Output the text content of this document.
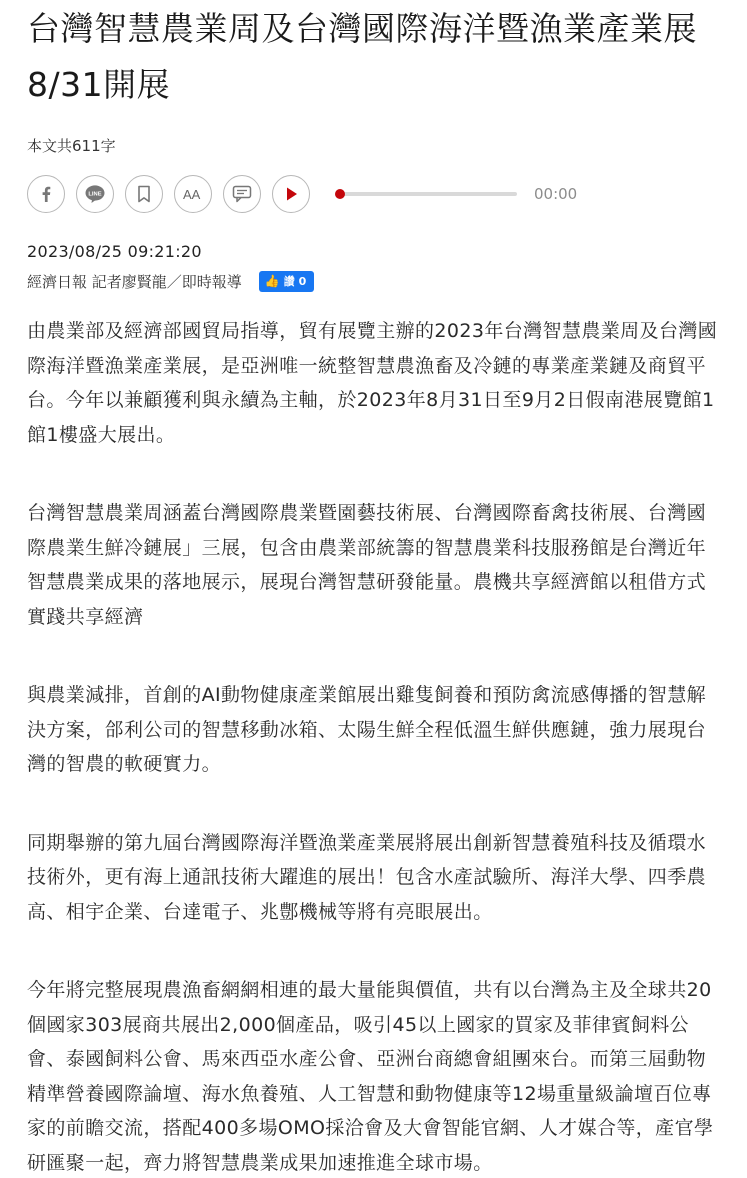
台灣智慧農業周及台灣國際海洋暨漁業產業展 8/31開展
本文共611字
LINE	AA	00:00
2023/08/25 09:21:20
經濟日報 記者廖賢龍／即時報導 👍 讚 0

由農業部及經濟部國貿局指導，貿有展覽主辦的2023年台灣智慧農業周及台灣國際海洋暨漁業產業展，是亞洲唯一統整智慧農漁畜及冷鏈的專業產業鏈及商貿平台。今年以兼顧獲利與永續為主軸，於2023年8月31日至9月2日假南港展覽館1館1樓盛大展出。

台灣智慧農業周涵蓋台灣國際農業暨園藝技術展、台灣國際畜禽技術展、台灣國際農業生鮮冷鏈展」三展，包含由農業部統籌的智慧農業科技服務館是台灣近年智慧農業成果的落地展示，展現台灣智慧研發能量。農機共享經濟館以租借方式實踐共享經濟

與農業減排，首創的AI動物健康產業館展出雞隻飼養和預防禽流感傳播的智慧解決方案，郃利公司的智慧移動冰箱、太陽生鮮全程低溫生鮮供應鏈，強力展現台灣的智農的軟硬實力。

同期舉辦的第九屆台灣國際海洋暨漁業產業展將展出創新智慧養殖科技及循環水技術外，更有海上通訊技術大躍進的展出！包含水產試驗所、海洋大學、四季農高、相宇企業、台達電子、兆鄷機械等將有亮眼展出。

今年將完整展現農漁畜網網相連的最大量能與價值，共有以台灣為主及全球共20個國家303展商共展出2,000個產品，吸引45以上國家的買家及菲律賓飼料公會、泰國飼料公會、馬來西亞水產公會、亞洲台商總會組團來台。而第三屆動物精準營養國際論壇、海水魚養殖、人工智慧和動物健康等12場重量級論壇百位專家的前瞻交流，搭配400多場OMO採洽會及大會智能官網、人才媒合等，產官學研匯聚一起，齊力將智慧農業成果加速推進全球市場。
